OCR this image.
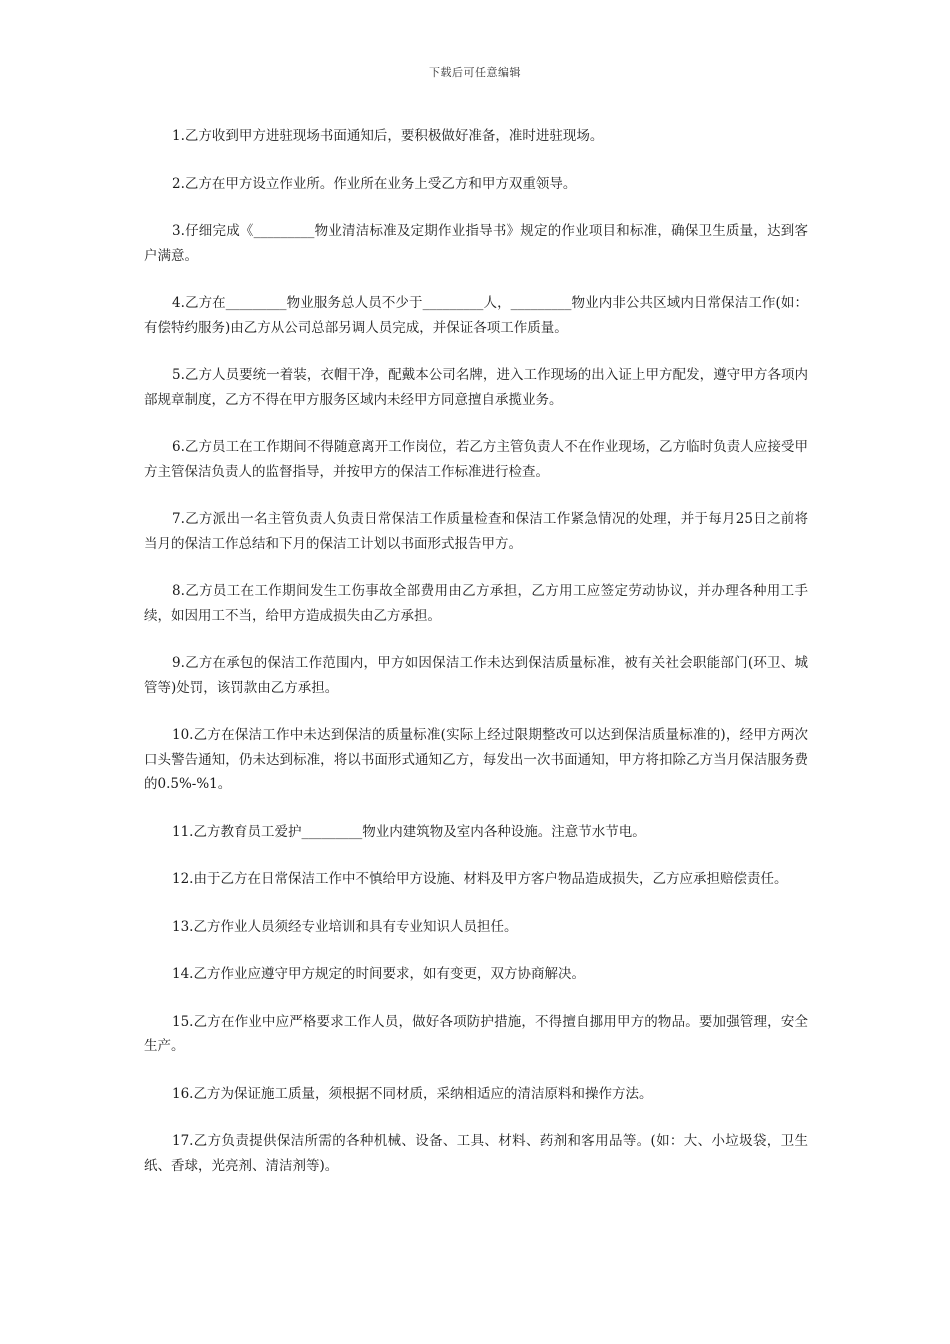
下载后可任意编辑

1.乙方收到甲方进驻现场书面通知后，要积极做好准备，准时进驻现场。

2.乙方在甲方设立作业所。作业所在业务上受乙方和甲方双重领导。

3.仔细完成《_________物业清洁标准及定期作业指导书》规定的作业项目和标准，确保卫生质量，达到客户满意。

4.乙方在_________物业服务总人员不少于_________人，_________物业内非公共区域内日常保洁工作(如：有偿特约服务)由乙方从公司总部另调人员完成，并保证各项工作质量。

5.乙方人员要统一着装，衣帽干净，配戴本公司名牌，进入工作现场的出入证上甲方配发，遵守甲方各项内部规章制度，乙方不得在甲方服务区域内未经甲方同意擅自承揽业务。

6.乙方员工在工作期间不得随意离开工作岗位，若乙方主管负责人不在作业现场，乙方临时负责人应接受甲方主管保洁负责人的监督指导，并按甲方的保洁工作标准进行检查。

7.乙方派出一名主管负责人负责日常保洁工作质量检查和保洁工作紧急情况的处理，并于每月25日之前将当月的保洁工作总结和下月的保洁工计划以书面形式报告甲方。

8.乙方员工在工作期间发生工伤事故全部费用由乙方承担，乙方用工应签定劳动协议，并办理各种用工手续，如因用工不当，给甲方造成损失由乙方承担。

9.乙方在承包的保洁工作范围内，甲方如因保洁工作未达到保洁质量标准，被有关社会职能部门(环卫、城管等)处罚，该罚款由乙方承担。

10.乙方在保洁工作中未达到保洁的质量标准(实际上经过限期整改可以达到保洁质量标准的)，经甲方两次口头警告通知，仍未达到标准，将以书面形式通知乙方，每发出一次书面通知，甲方将扣除乙方当月保洁服务费的0.5%-%1。

11.乙方教育员工爱护_________物业内建筑物及室内各种设施。注意节水节电。

12.由于乙方在日常保洁工作中不慎给甲方设施、材料及甲方客户物品造成损失，乙方应承担赔偿责任。

13.乙方作业人员须经专业培训和具有专业知识人员担任。

14.乙方作业应遵守甲方规定的时间要求，如有变更，双方协商解决。

15.乙方在作业中应严格要求工作人员，做好各项防护措施，不得擅自挪用甲方的物品。要加强管理，安全生产。

16.乙方为保证施工质量，须根据不同材质，采纳相适应的清洁原料和操作方法。

17.乙方负责提供保洁所需的各种机械、设备、工具、材料、药剂和客用品等。(如：大、小垃圾袋，卫生纸、香球，光亮剂、清洁剂等)。
